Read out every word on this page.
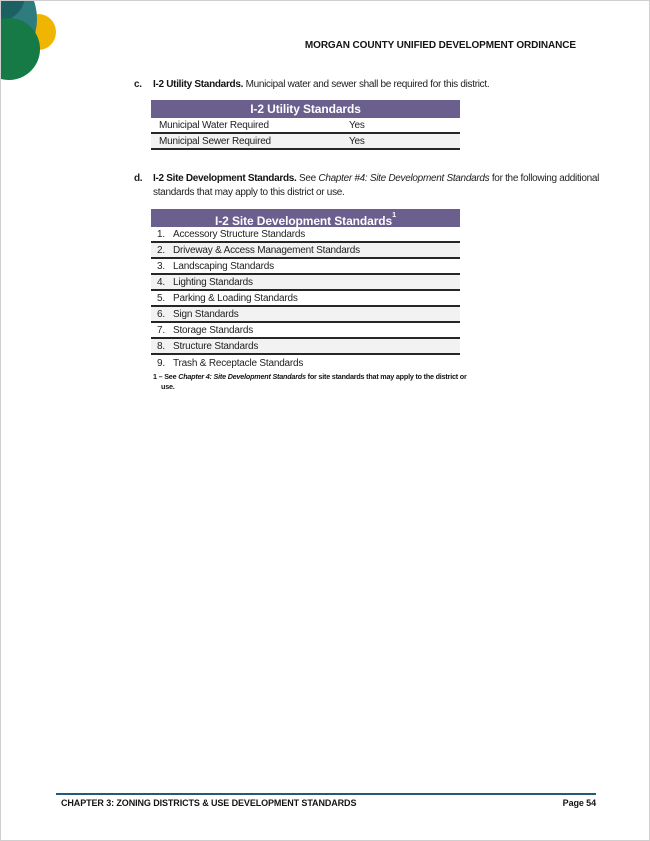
MORGAN COUNTY UNIFIED DEVELOPMENT ORDINANCE
c. I-2 Utility Standards. Municipal water and sewer shall be required for this district.
I-2 Utility Standards
Municipal Water Required	Yes
Municipal Sewer Required	Yes
d. I-2 Site Development Standards. See Chapter #4: Site Development Standards for the following additional standards that may apply to this district or use.
I-2 Site Development Standards$^1$
1. Accessory Structure Standards
2. Driveway & Access Management Standards
3. Landscaping Standards
4. Lighting Standards
5. Parking & Loading Standards
6. Sign Standards
7. Storage Standards
8. Structure Standards
9. Trash & Receptacle Standards
1 – See Chapter 4: Site Development Standards for site standards that may apply to the district or
use.
CHAPTER 3: ZONING DISTRICTS & USE DEVELOPMENT STANDARDS	Page 54
